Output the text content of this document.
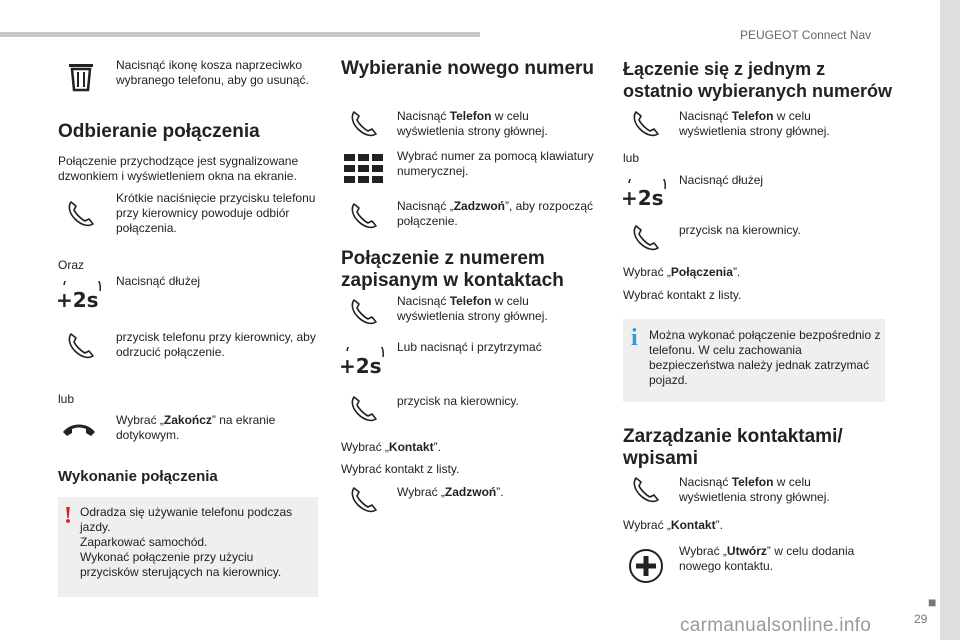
PEUGEOT Connect Nav
■
29
carmanualsonline.info

Nacisnąć ikonę kosza naprzeciwko wybranego telefonu, aby go usunąć.

Odbieranie połączenia

Połączenie przychodzące jest sygnalizowane dzwonkiem i wyświetleniem okna na ekranie.

Krótkie naciśnięcie przycisku telefonu przy kierownicy powoduje odbiór połączenia.

Oraz

+2s

Nacisnąć dłużej

przycisk telefonu przy kierownicy, aby odrzucić połączenie.

lub

Wybrać „Zakończ” na ekranie dotykowym.

Wykonanie połączenia
! Odradza się używanie telefonu podczas jazdy.

Zaparkować samochód.

Wykonać połączenie przy użyciu przycisków sterujących na kierownicy.

Wybieranie nowego numeru

Nacisnąć Telefon w celu wyświetlenia strony głównej.

Wybrać numer za pomocą klawiatury numerycznej.

Nacisnąć „Zadzwoń”, aby rozpocząć połączenie.

Połączenie z numerem zapisanym w kontaktach

Nacisnąć Telefon w celu wyświetlenia strony głównej.

+2s

Lub nacisnąć i przytrzymać

przycisk na kierownicy.

Wybrać „Kontakt”.

Wybrać kontakt z listy.

Wybrać „Zadzwoń”.

Łączenie się z jednym z ostatnio wybieranych numerów

Nacisnąć Telefon w celu wyświetlenia strony głównej.

lub

+2s

Nacisnąć dłużej

przycisk na kierownicy.

Wybrać „Połączenia”.

Wybrać kontakt z listy.

i Można wykonać połączenie bezpośrednio z telefonu. W celu zachowania bezpieczeństwa należy jednak zatrzymać pojazd.

Zarządzanie kontaktami/ wpisami

Nacisnąć Telefon w celu wyświetlenia strony głównej.

Wybrać „Kontakt”.

Wybrać „Utwórz” w celu dodania nowego kontaktu.
